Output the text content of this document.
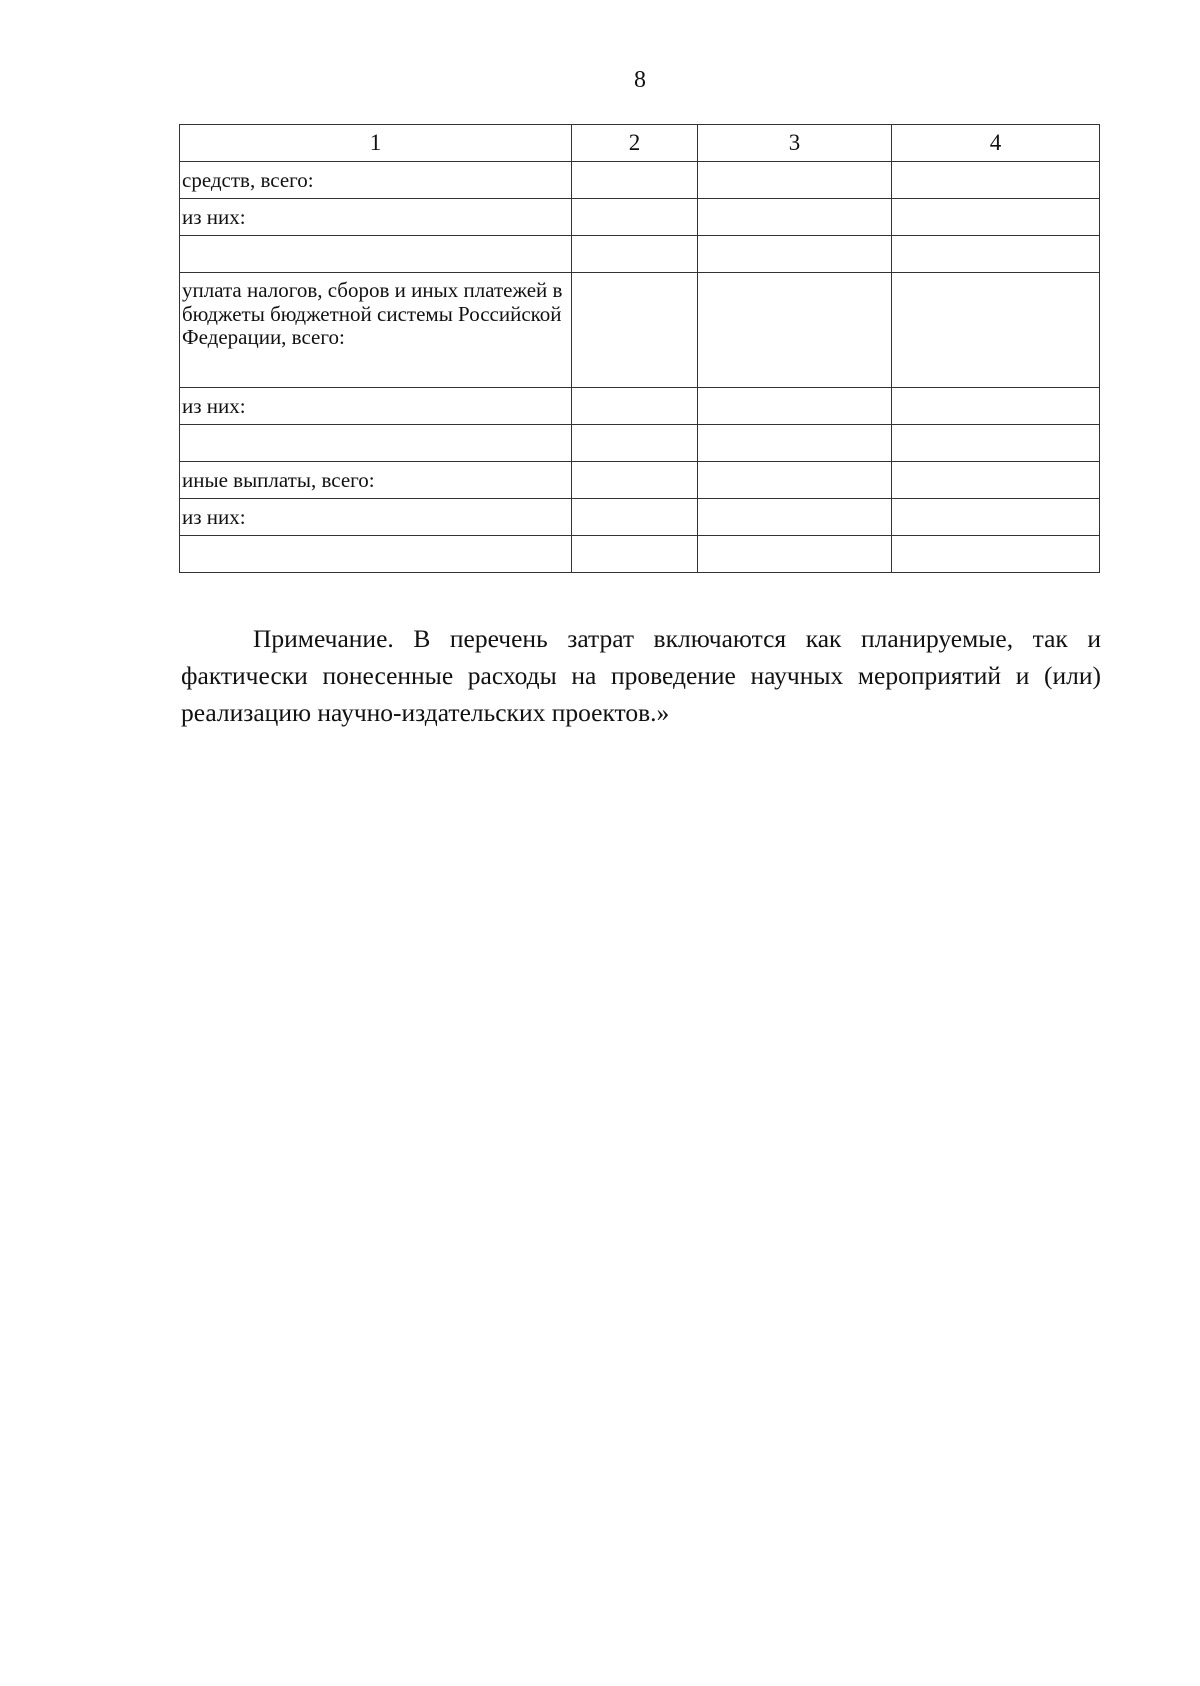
8
1	2	3	4
средств, всего:			
из них:			

уплата налогов, сборов и иных платежей в бюджеты бюджетной системы Российской Федерации, всего:			
из них:			

иные выплаты, всего:			
из них:			

Примечание. В перечень затрат включаются как планируемые, так и фактически понесенные расходы на проведение научных мероприятий и (или) реализацию научно-издательских проектов.»
